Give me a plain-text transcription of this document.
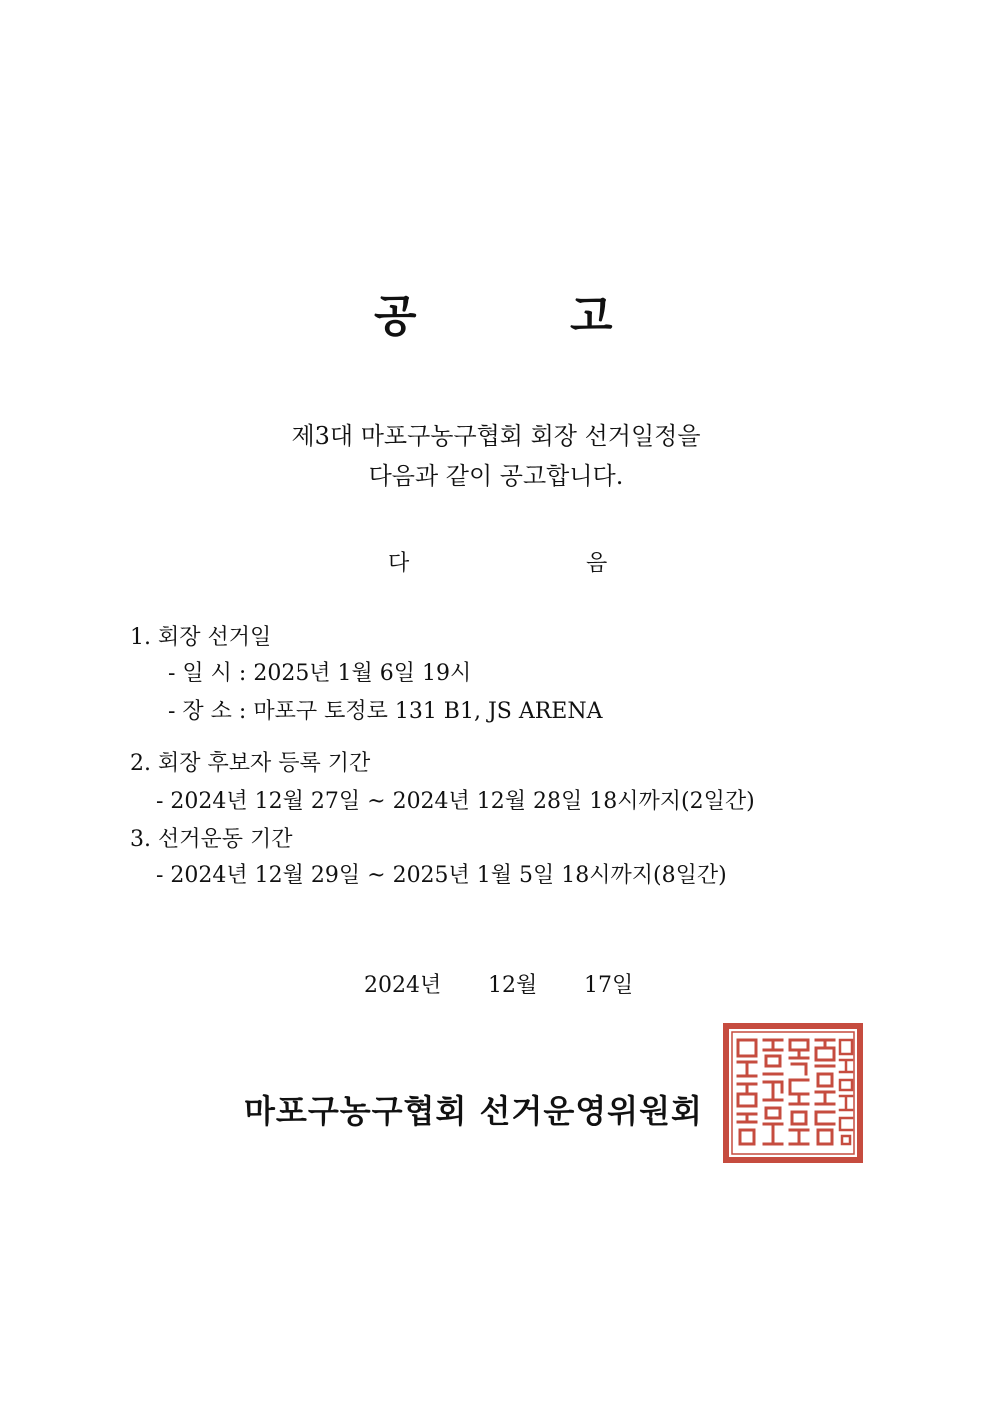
공	고
제3대 마포구농구협회 회장 선거일정을
다음과 같이 공고합니다.
다	음
1. 회장 선거일
- 일 시 : 2025년 1월 6일 19시
- 장 소 : 마포구 토정로 131 B1, JS ARENA
2. 회장 후보자 등록 기간
- 2024년 12월 27일 ~ 2024년 12월 28일 18시까지(2일간)
3. 선거운동 기간
- 2024년 12월 29일 ~ 2025년 1월 5일 18시까지(8일간)
2024년 12월 17일
마포구농구협회 선거운영위원회
